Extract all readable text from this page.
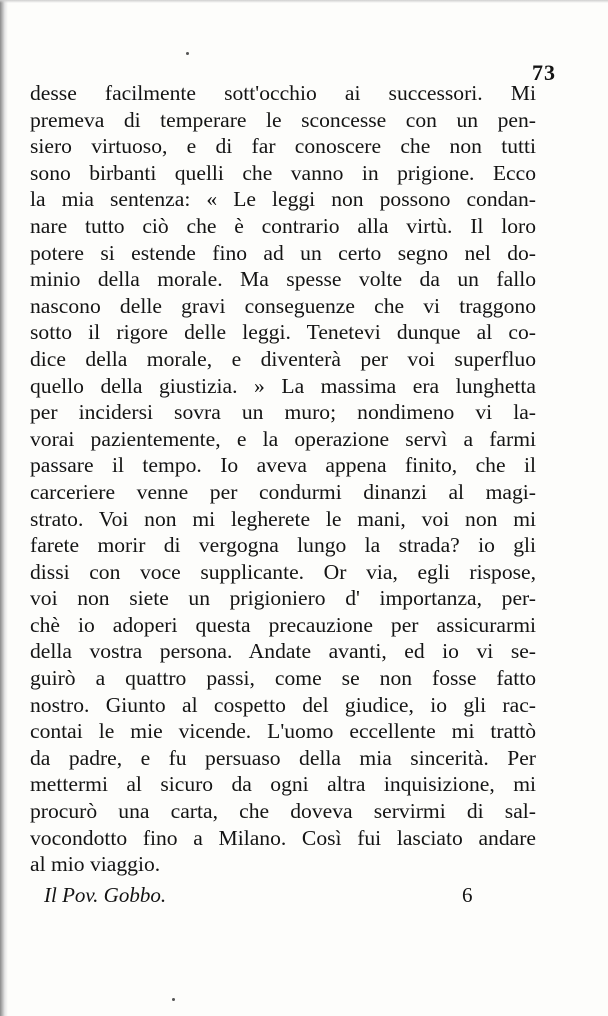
73
desse facilmente sott'occhio ai successori. Mi
premeva di temperare le sconcesse con un pen-
siero virtuoso, e di far conoscere che non tutti
sono birbanti quelli che vanno in prigione. Ecco
la mia sentenza: « Le leggi non possono condan-
nare tutto ciò che è contrario alla virtù. Il loro
potere si estende fino ad un certo segno nel do-
minio della morale. Ma spesse volte da un fallo
nascono delle gravi conseguenze che vi traggono
sotto il rigore delle leggi. Tenetevi dunque al co-
dice della morale, e diventerà per voi superfluo
quello della giustizia. » La massima era lunghetta
per incidersi sovra un muro; nondimeno vi la-
vorai pazientemente, e la operazione servì a farmi
passare il tempo. Io aveva appena finito, che il
carceriere venne per condurmi dinanzi al magi-
strato. Voi non mi legherete le mani, voi non mi
farete morir di vergogna lungo la strada? io gli
dissi con voce supplicante. Or via, egli rispose,
voi non siete un prigioniero d' importanza, per-
chè io adoperi questa precauzione per assicurarmi
della vostra persona. Andate avanti, ed io vi se-
guirò a quattro passi, come se non fosse fatto
nostro. Giunto al cospetto del giudice, io gli rac-
contai le mie vicende. L'uomo eccellente mi trattò
da padre, e fu persuaso della mia sincerità. Per
mettermi al sicuro da ogni altra inquisizione, mi
procurò una carta, che doveva servirmi di sal-
vocondotto fino a Milano. Così fui lasciato andare
al mio viaggio.
Il Pov. Gobbo.	6
